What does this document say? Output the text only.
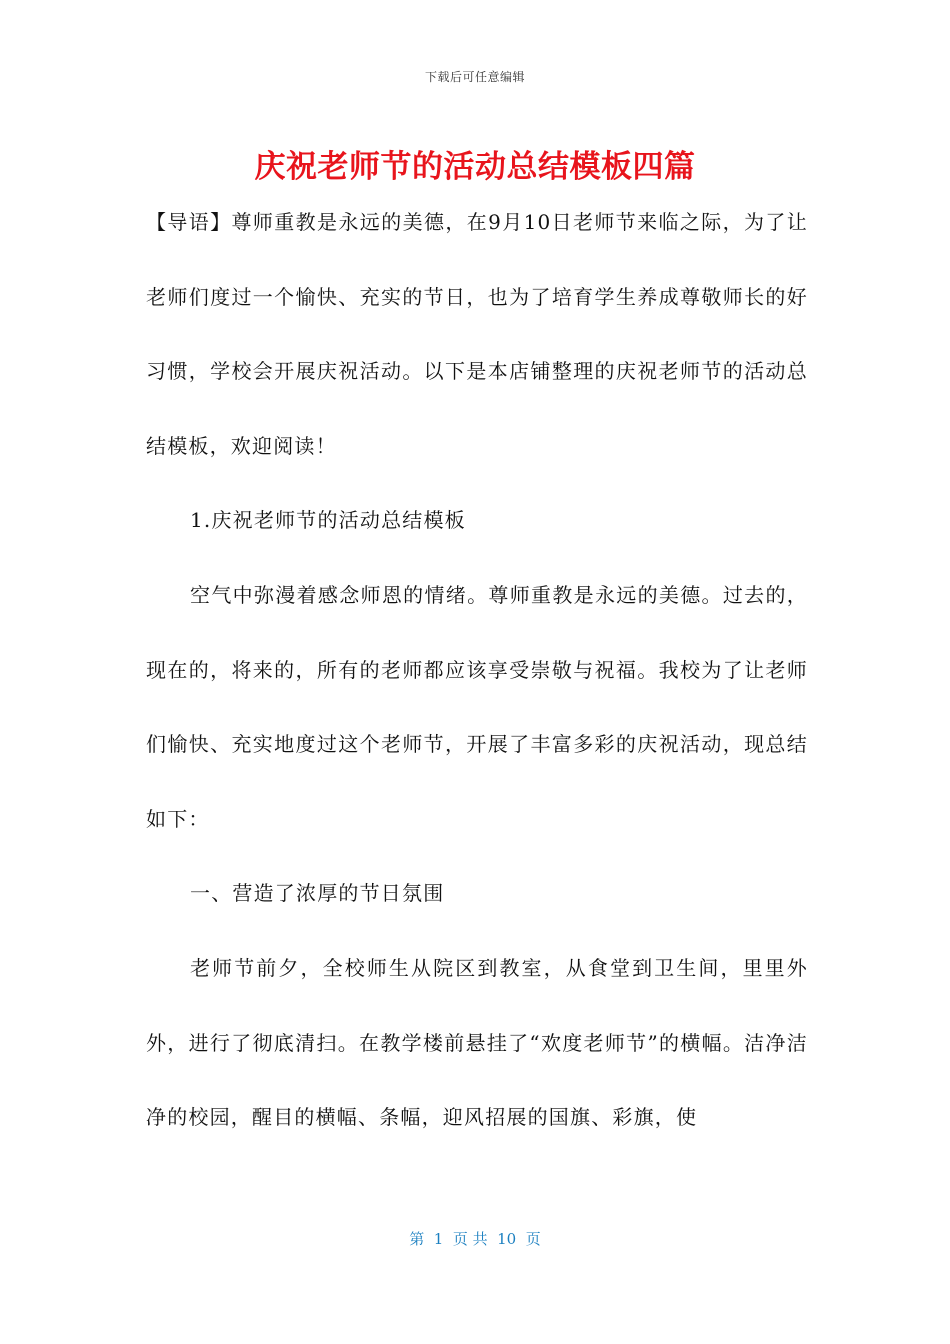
下载后可任意编辑
庆祝老师节的活动总结模板四篇

【导语】尊师重教是永远的美德，在9月10日老师节来临之际，为了让老师们度过一个愉快、充实的节日，也为了培育学生养成尊敬师长的好习惯，学校会开展庆祝活动。以下是本店铺整理的庆祝老师节的活动总结模板，欢迎阅读！

1.庆祝老师节的活动总结模板

空气中弥漫着感念师恩的情绪。尊师重教是永远的美德。过去的，现在的，将来的，所有的老师都应该享受崇敬与祝福。我校为了让老师们愉快、充实地度过这个老师节，开展了丰富多彩的庆祝活动，现总结如下：

一、营造了浓厚的节日氛围

老师节前夕，全校师生从院区到教室，从食堂到卫生间，里里外外，进行了彻底清扫。在教学楼前悬挂了“欢度老师节”的横幅。洁净洁净的校园，醒目的横幅、条幅，迎风招展的国旗、彩旗，使

第  1  页 共  10  页
